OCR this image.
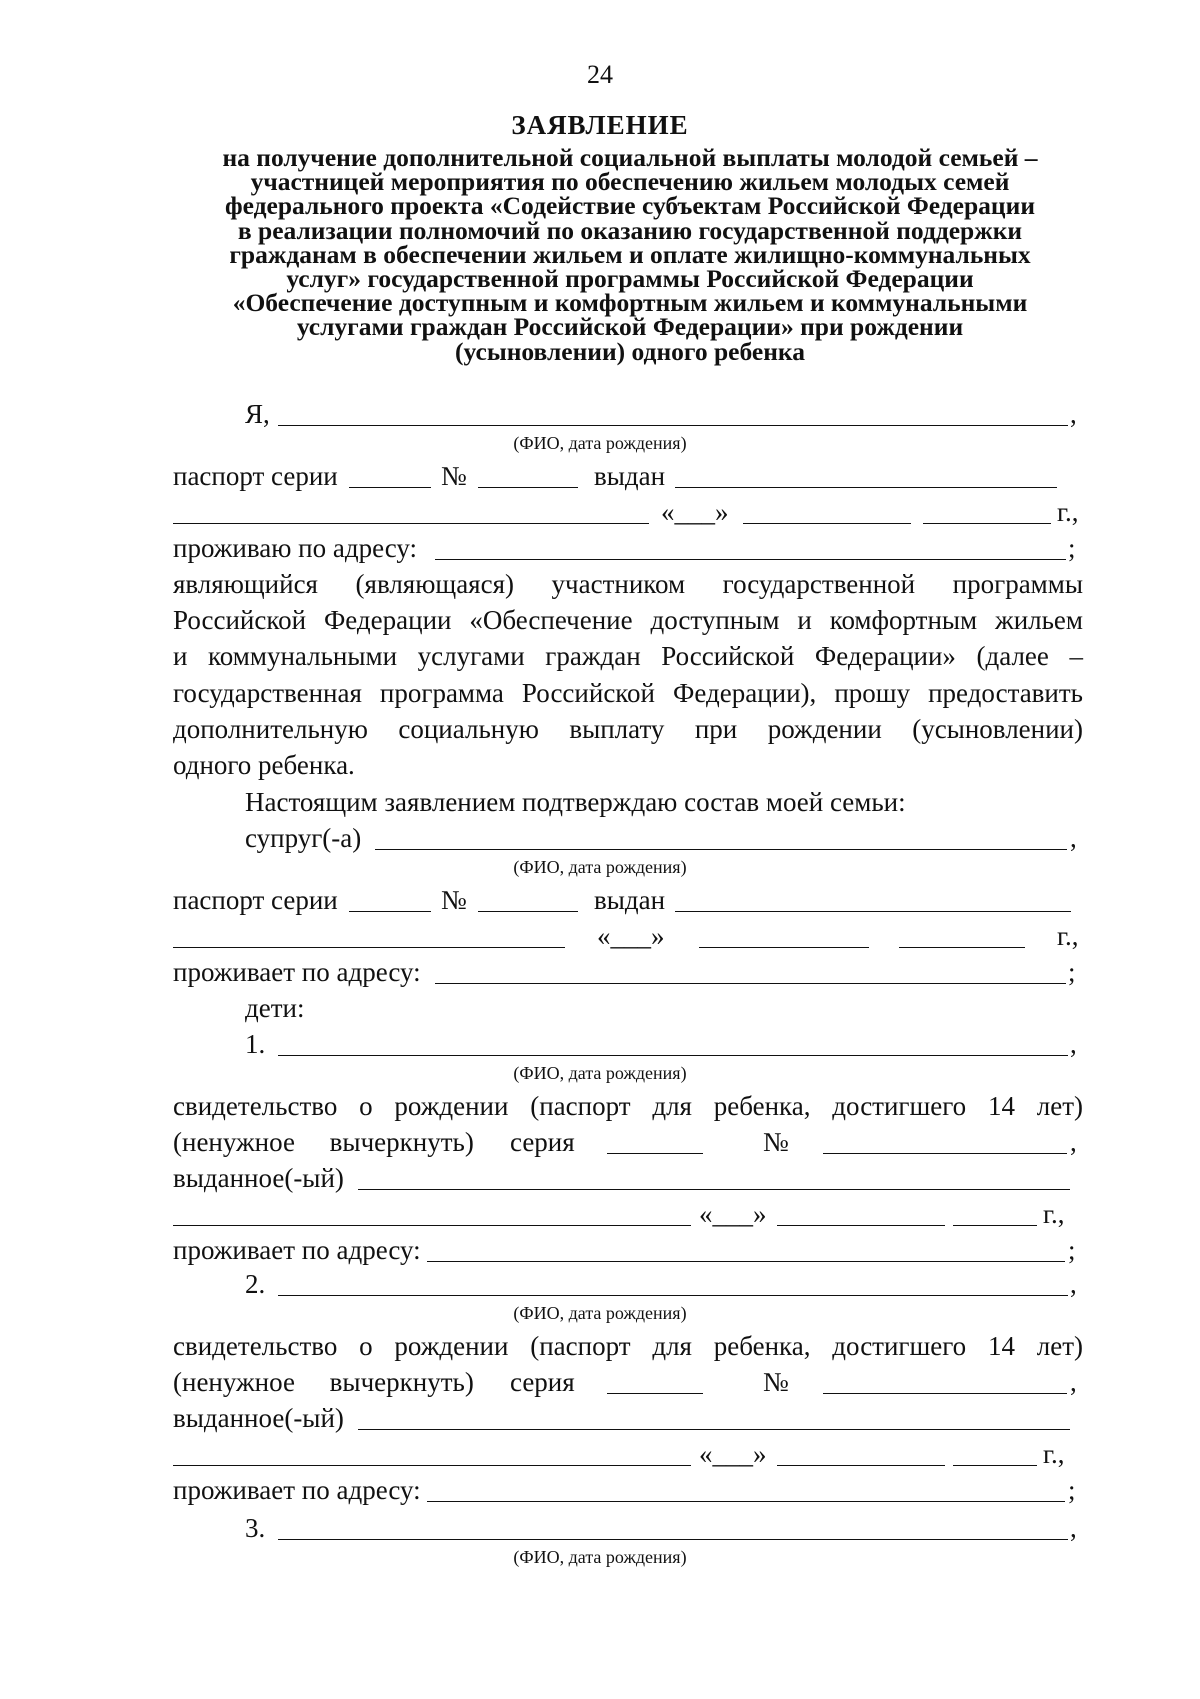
24
ЗАЯВЛЕНИЕ
на получение дополнительной социальной выплаты молодой семьей –
участницей мероприятия по обеспечению жильем молодых семей
федерального проекта «Содействие субъектам Российской Федерации
в реализации полномочий по оказанию государственной поддержки
гражданам в обеспечении жильем и оплате жилищно-коммунальных
услуг» государственной программы Российской Федерации
«Обеспечение доступным и комфортным жильем и коммунальными
услугами граждан Российской Федерации» при рождении
(усыновлении) одного ребенка
Я,	,
(ФИО, дата рождения)
паспорт серии	№	выдан
«___»	г.,
проживаю по адресу:	;
являющийся (являющаяся) участником государственной программы
Российской Федерации «Обеспечение доступным и комфортным жильем
и коммунальными услугами граждан Российской Федерации» (далее –
государственная программа Российской Федерации), прошу предоставить
дополнительную социальную выплату при рождении (усыновлении)
одного ребенка.
Настоящим заявлением подтверждаю состав моей семьи:
супруг(-а)	,
(ФИО, дата рождения)
паспорт серии	№	выдан
«___»	г.,
проживает по адресу:	;
дети:
1.	,
(ФИО, дата рождения)
свидетельство о рождении (паспорт для ребенка, достигшего 14 лет)
(ненужное вычеркнуть) серия	№	,
выданное(-ый)
«___»	г.,
проживает по адресу:	;
2.	,
(ФИО, дата рождения)
свидетельство о рождении (паспорт для ребенка, достигшего 14 лет)
(ненужное вычеркнуть) серия	№	,
выданное(-ый)
«___»	г.,
проживает по адресу:	;
3.	,
(ФИО, дата рождения)
